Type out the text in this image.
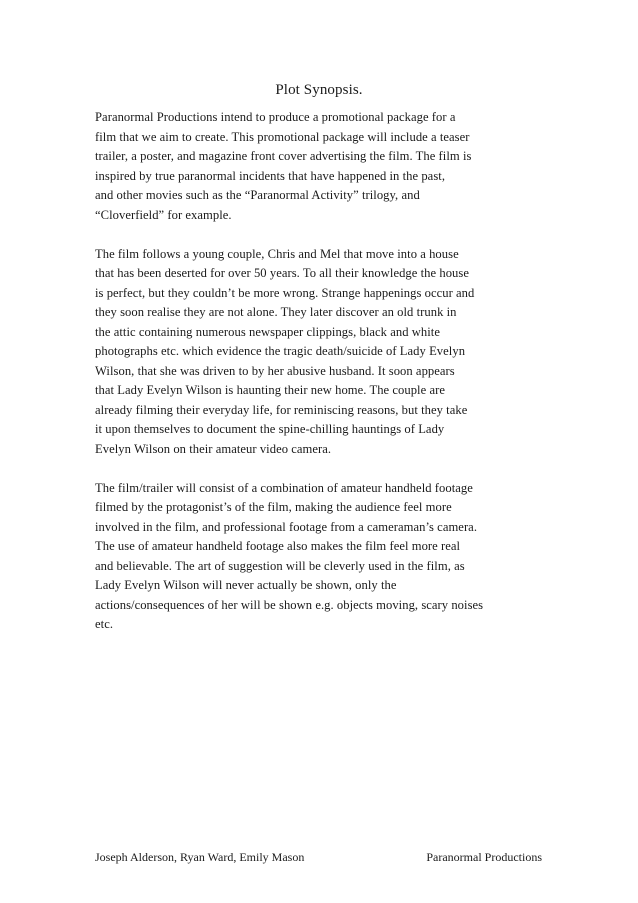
Plot Synopsis.

Paranormal Productions intend to produce a promotional package for a
film that we aim to create. This promotional package will include a teaser
trailer, a poster, and magazine front cover advertising the film. The film is
inspired by true paranormal incidents that have happened in the past,
and other movies such as the “Paranormal Activity” trilogy, and
“Cloverfield” for example.

The film follows a young couple, Chris and Mel that move into a house
that has been deserted for over 50 years. To all their knowledge the house
is perfect, but they couldn’t be more wrong. Strange happenings occur and
they soon realise they are not alone. They later discover an old trunk in
the attic containing numerous newspaper clippings, black and white
photographs etc. which evidence the tragic death/suicide of Lady Evelyn
Wilson, that she was driven to by her abusive husband. It soon appears
that Lady Evelyn Wilson is haunting their new home. The couple are
already filming their everyday life, for reminiscing reasons, but they take
it upon themselves to document the spine-chilling hauntings of Lady
Evelyn Wilson on their amateur video camera.

The film/trailer will consist of a combination of amateur handheld footage
filmed by the protagonist’s of the film, making the audience feel more
involved in the film, and professional footage from a cameraman’s camera.
The use of amateur handheld footage also makes the film feel more real
and believable. The art of suggestion will be cleverly used in the film, as
Lady Evelyn Wilson will never actually be shown, only the
actions/consequences of her will be shown e.g. objects moving, scary noises
etc.

Joseph Alderson, Ryan Ward, Emily Mason	Paranormal Productions
